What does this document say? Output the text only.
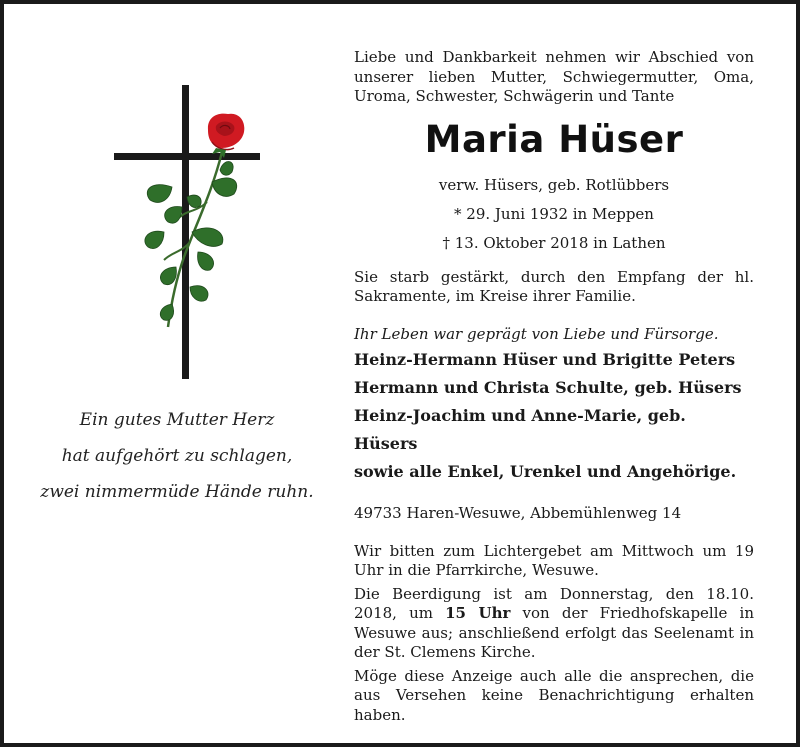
Ein gutes Mutter Herz
hat aufgehört zu schlagen,
zwei nimmermüde Hände ruhn.

Liebe und Dankbarkeit nehmen wir Abschied von unserer lieben Mutter, Schwiegermutter, Oma, Uroma, Schwester, Schwägerin und Tante

Maria Hüser

verw. Hüsers, geb. Rotlübbers

* 29. Juni 1932 in Meppen

† 13. Oktober 2018 in Lathen

Sie starb gestärkt, durch den Empfang der hl. Sakramente, im Kreise ihrer Familie.

Ihr Leben war geprägt von Liebe und Fürsorge.

Heinz-Hermann Hüser und Brigitte Peters
Hermann und Christa Schulte, geb. Hüsers
Heinz-Joachim und Anne-Marie, geb. Hüsers
sowie alle Enkel, Urenkel und Angehörige.

49733 Haren-Wesuwe, Abbemühlenweg 14

Wir bitten zum Lichtergebet am Mittwoch um 19 Uhr in die Pfarrkirche, Wesuwe.

Die Beerdigung ist am Donnerstag, den 18.10. 2018, um 15 Uhr von der Friedhofskapelle in Wesuwe aus; anschließend erfolgt das Seelenamt in der St. Clemens Kirche.

Möge diese Anzeige auch alle die ansprechen, die aus Versehen keine Benachrichtigung erhalten haben.
